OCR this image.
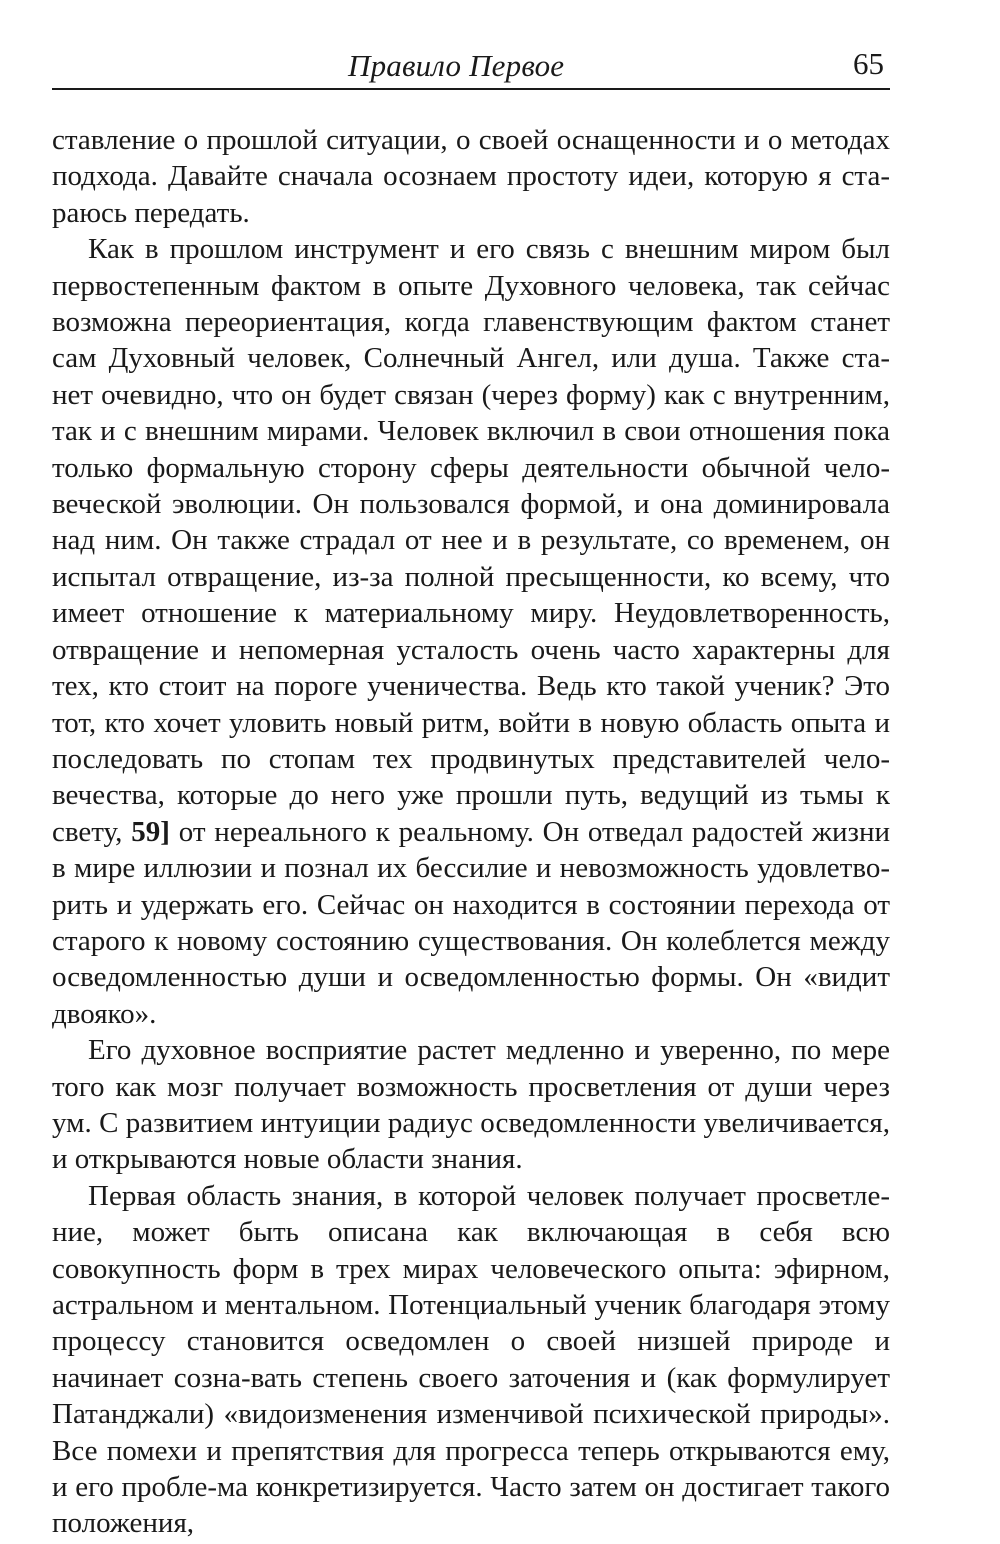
Правило Первое	65

ставление о прошлой ситуации, о своей оснащенности и о методах подхода. Давайте сначала осознаем простоту идеи, которую я ста-раюсь передать.

Как в прошлом инструмент и его связь с внешним миром был первостепенным фактом в опыте Духовного человека, так сейчас возможна переориентация, когда главенствующим фактом станет сам Духовный человек, Солнечный Ангел, или душа. Также ста-нет очевидно, что он будет связан (через форму) как с внутренним, так и с внешним мирами. Человек включил в свои отношения пока только формальную сторону сферы деятельности обычной чело-веческой эволюции. Он пользовался формой, и она доминировала над ним. Он также страдал от нее и в результате, со временем, он испытал отвращение, из-за полной пресыщенности, ко всему, что имеет отношение к материальному миру. Неудовлетворенность, отвращение и непомерная усталость очень часто характерны для тех, кто стоит на пороге ученичества. Ведь кто такой ученик? Это тот, кто хочет уловить новый ритм, войти в новую область опыта и последовать по стопам тех продвинутых представителей чело-вечества, которые до него уже прошли путь, ведущий из тьмы к свету, 59] от нереального к реальному. Он отведал радостей жизни в мире иллюзии и познал их бессилие и невозможность удовлетво-рить и удержать его. Сейчас он находится в состоянии перехода от старого к новому состоянию существования. Он колеблется между осведомленностью души и осведомленностью формы. Он «видит двояко».

Его духовное восприятие растет медленно и уверенно, по мере того как мозг получает возможность просветления от души через ум. С развитием интуиции радиус осведомленности увеличивается, и открываются новые области знания.

Первая область знания, в которой человек получает просветле-ние, может быть описана как включающая в себя всю совокупность форм в трех мирах человеческого опыта: эфирном, астральном и ментальном. Потенциальный ученик благодаря этому процессу становится осведомлен о своей низшей природе и начинает созна-вать степень своего заточения и (как формулирует Патанджали) «видоизменения изменчивой психической природы». Все помехи и препятствия для прогресса теперь открываются ему, и его пробле-ма конкретизируется. Часто затем он достигает такого положения,
